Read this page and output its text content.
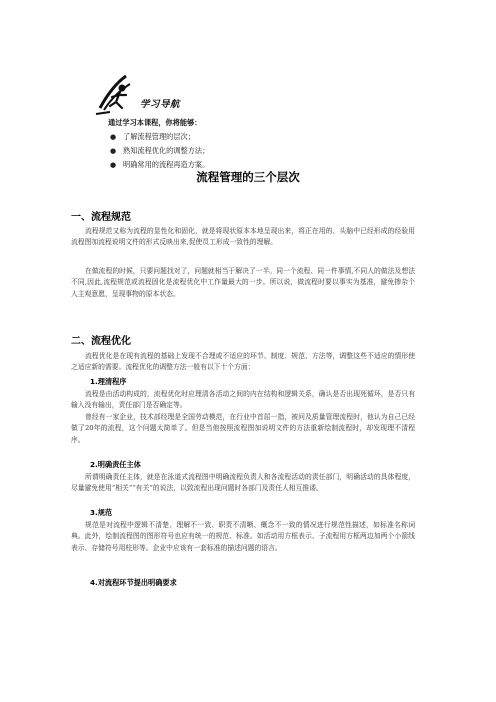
学习导航
通过学习本课程，你将能够：
● 了解流程管理的层次；
● 熟知流程优化的调整方法；
● 明确常用的流程再造方案。
流程管理的三个层次
一、流程规范

流程规范又称为流程的显性化和固化，就是将现状原本本地呈现出来，将正在用的、头脑中已经形成的经验用流程图加流程说明文件的形式反映出来,促使员工形成一致性的理解。

在做流程的时候，只要问题找对了，问题就相当于解决了一半。同一个流程、同一件事情,不同人的做法及想法不同,因此,流程规范或流程固化是流程优化中工作量最大的一步。所以说，做流程时要以事实为基准，避免掺杂个人主观意愿，呈现事物的原本状态。

二、流程优化

流程优化是在现有流程的基础上发现不合理或不适应的环节、制度、规范、方法等，调整这些不适应的情形使之适应新的需要。流程优化的调整方法一般有以下十个方面：

1.理清程序

流程是由活动构成的，流程优化时应理清各活动之间的内在结构和逻辑关系，确认是否出现死循环，是否只有输入没有输出，责任部门是否确定等。

曾经有一家企业，技术部经理是全国劳动模范，在行业中首屈一指，被问及质量管理流程时，他认为自己已经做了20年的流程，这个问题太简单了。但是当他按照流程图加说明文件的方法重新绘制流程时，却发现理不清程序。

2.明确责任主体

所谓明确责任主体，就是在泳道式流程图中明确流程负责人和各流程活动的责任部门，明确活动的具体程度，尽量避免使用“相关”“有关”的说法，以致流程出现问题时各部门及责任人相互推诿。

3.规范

规范是对流程中逻辑不清楚、理解不一致、职责不清晰、概念不一致的情况进行规范性描述，如标准名称词典。此外，绘制流程图的图形符号也应有统一的规范、标准。如活动用方框表示、子流程用方框两边加两个小箭线表示、存储符号用柱形等。企业中应该有一套标准的描述问题的语言。

4.对流程环节提出明确要求
